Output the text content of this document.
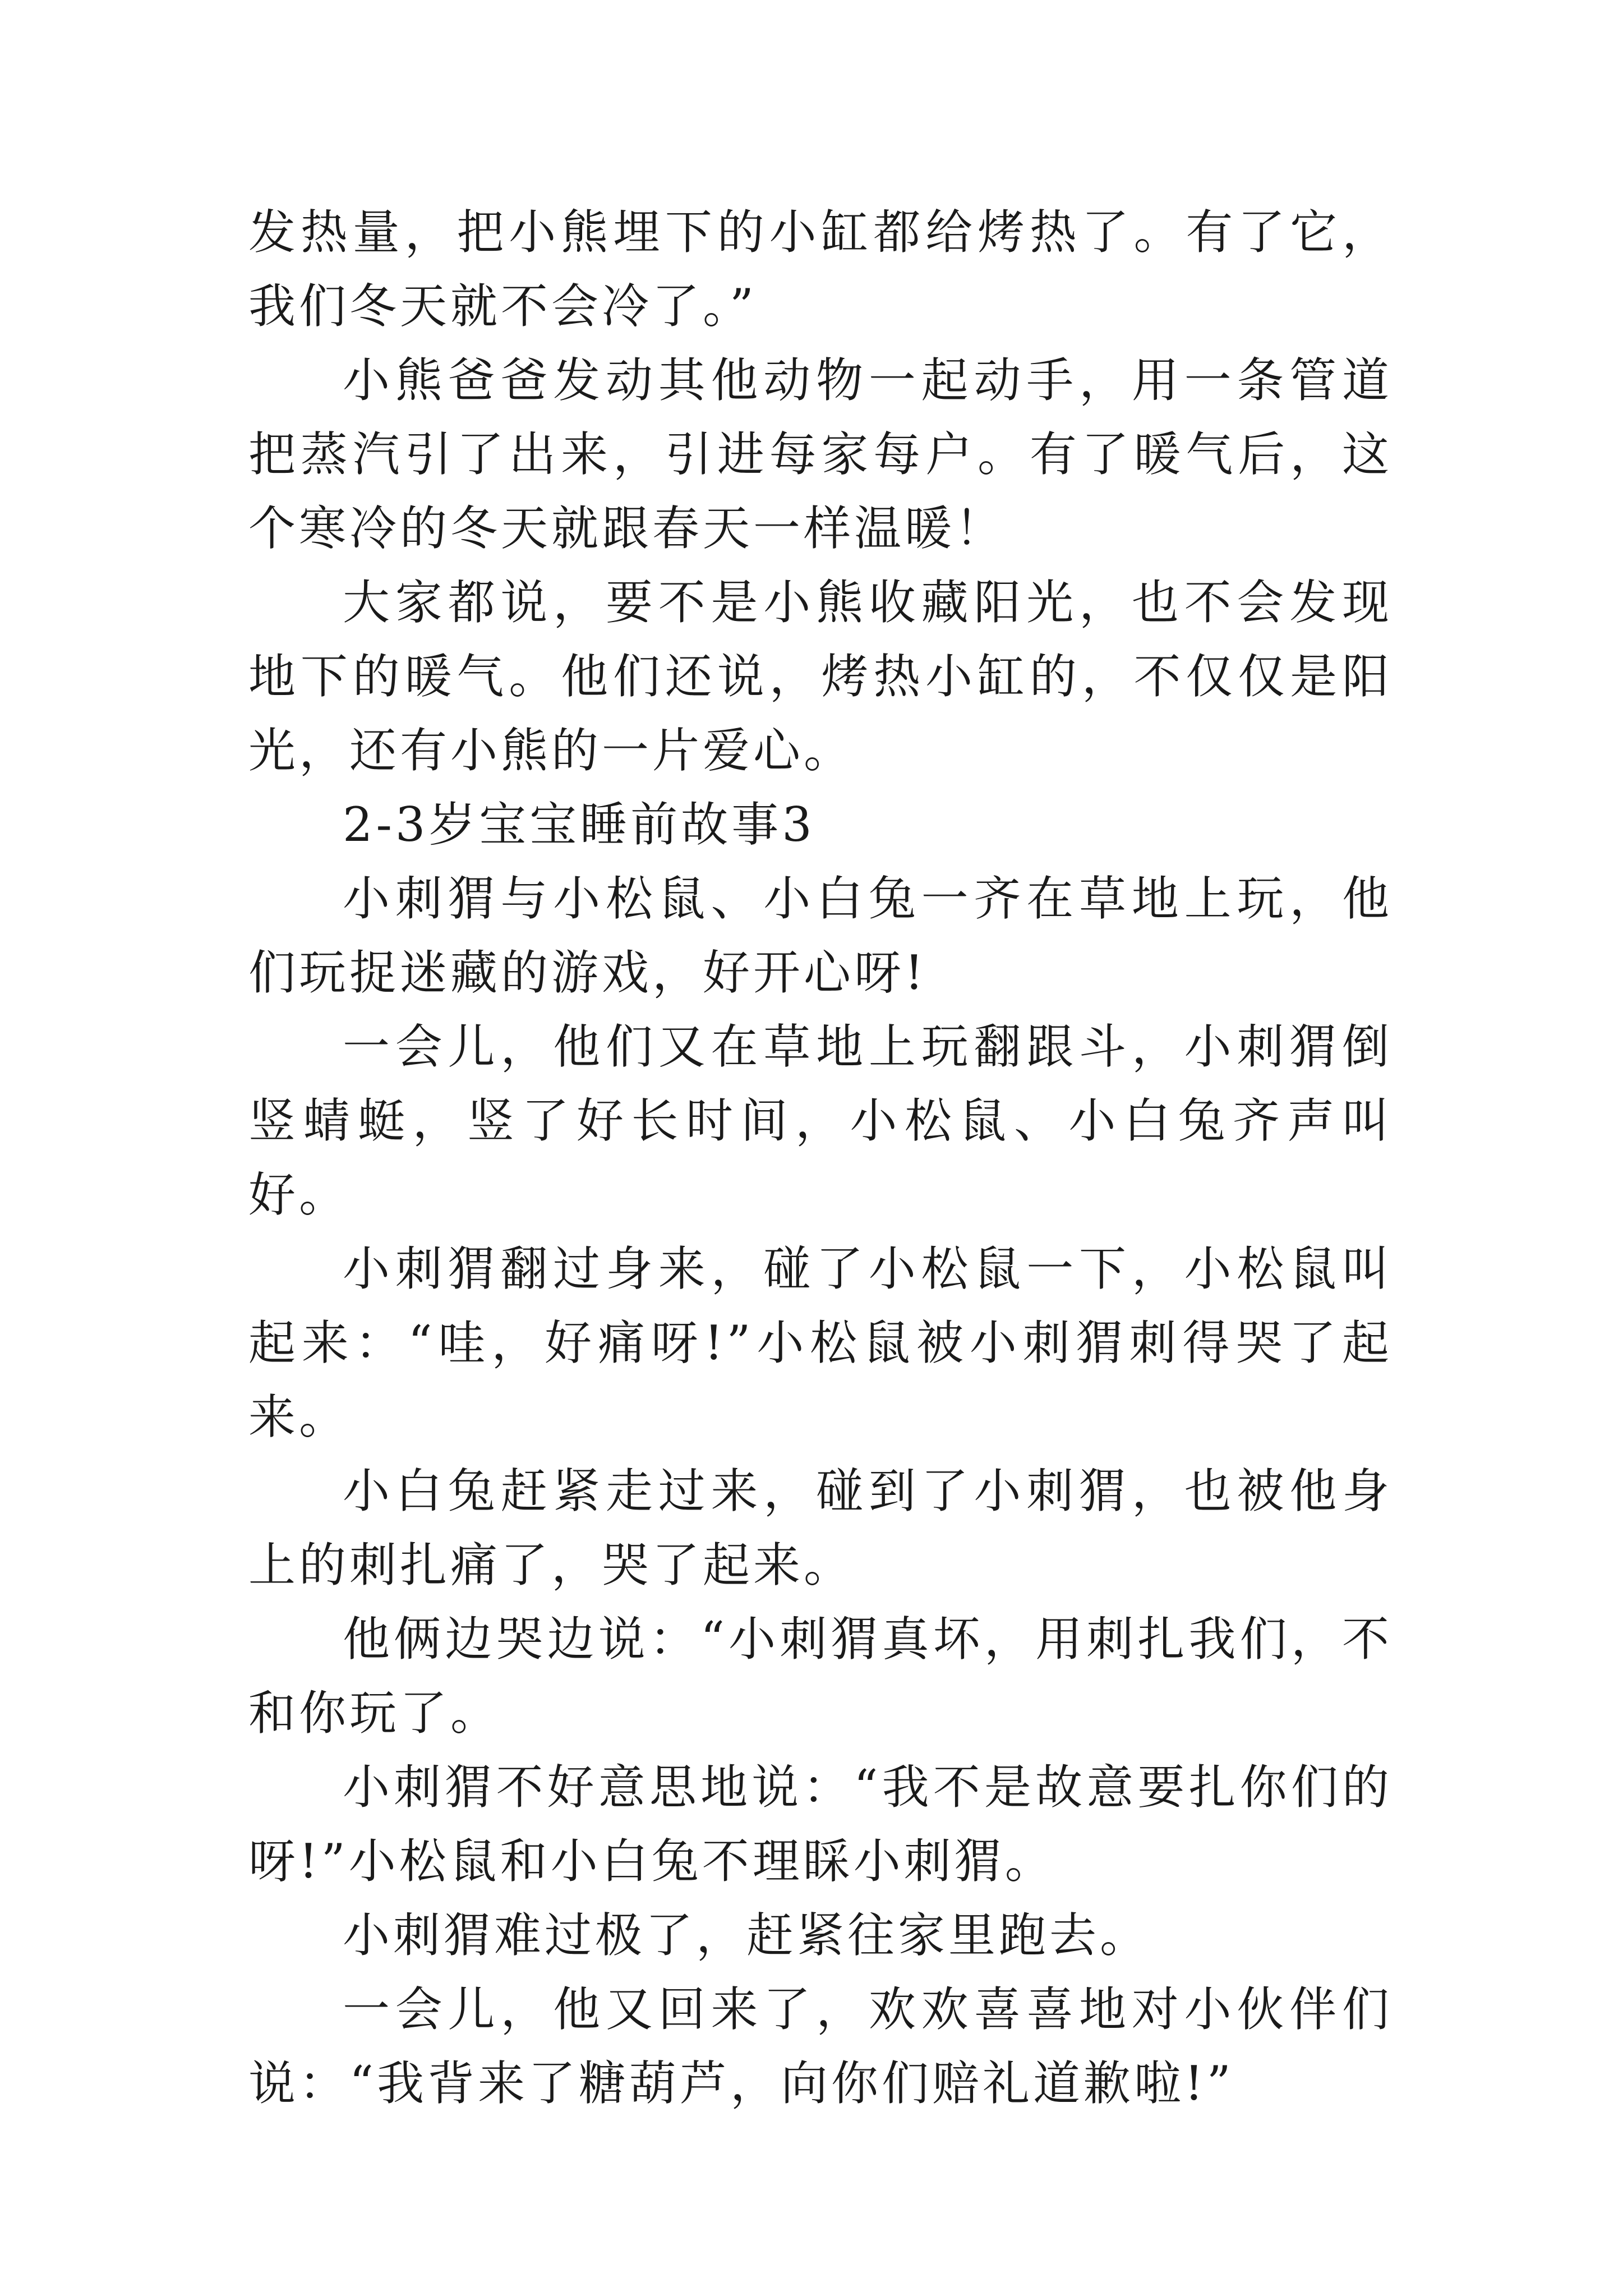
发热量，把小熊埋下的小缸都给烤热了。有了它，我们冬天就不会冷了。”

小熊爸爸发动其他动物一起动手，用一条管道把蒸汽引了出来，引进每家每户。有了暖气后，这个寒冷的冬天就跟春天一样温暖！

大家都说，要不是小熊收藏阳光，也不会发现地下的暖气。他们还说，烤热小缸的，不仅仅是阳光，还有小熊的一片爱心。

2-3岁宝宝睡前故事3

小刺猬与小松鼠、小白兔一齐在草地上玩，他们玩捉迷藏的游戏，好开心呀!

一会儿，他们又在草地上玩翻跟斗，小刺猬倒竖蜻蜓，竖了好长时间，小松鼠、小白兔齐声叫好。

小刺猬翻过身来，碰了小松鼠一下，小松鼠叫起来：“哇，好痛呀!”小松鼠被小刺猬刺得哭了起来。

小白兔赶紧走过来，碰到了小刺猬，也被他身上的刺扎痛了，哭了起来。

他俩边哭边说：“小刺猬真坏，用刺扎我们，不和你玩了。

小刺猬不好意思地说：“我不是故意要扎你们的呀!”小松鼠和小白兔不理睬小刺猬。

小刺猬难过极了，赶紧往家里跑去。

一会儿，他又回来了，欢欢喜喜地对小伙伴们说：“我背来了糖葫芦，向你们赔礼道歉啦!”
